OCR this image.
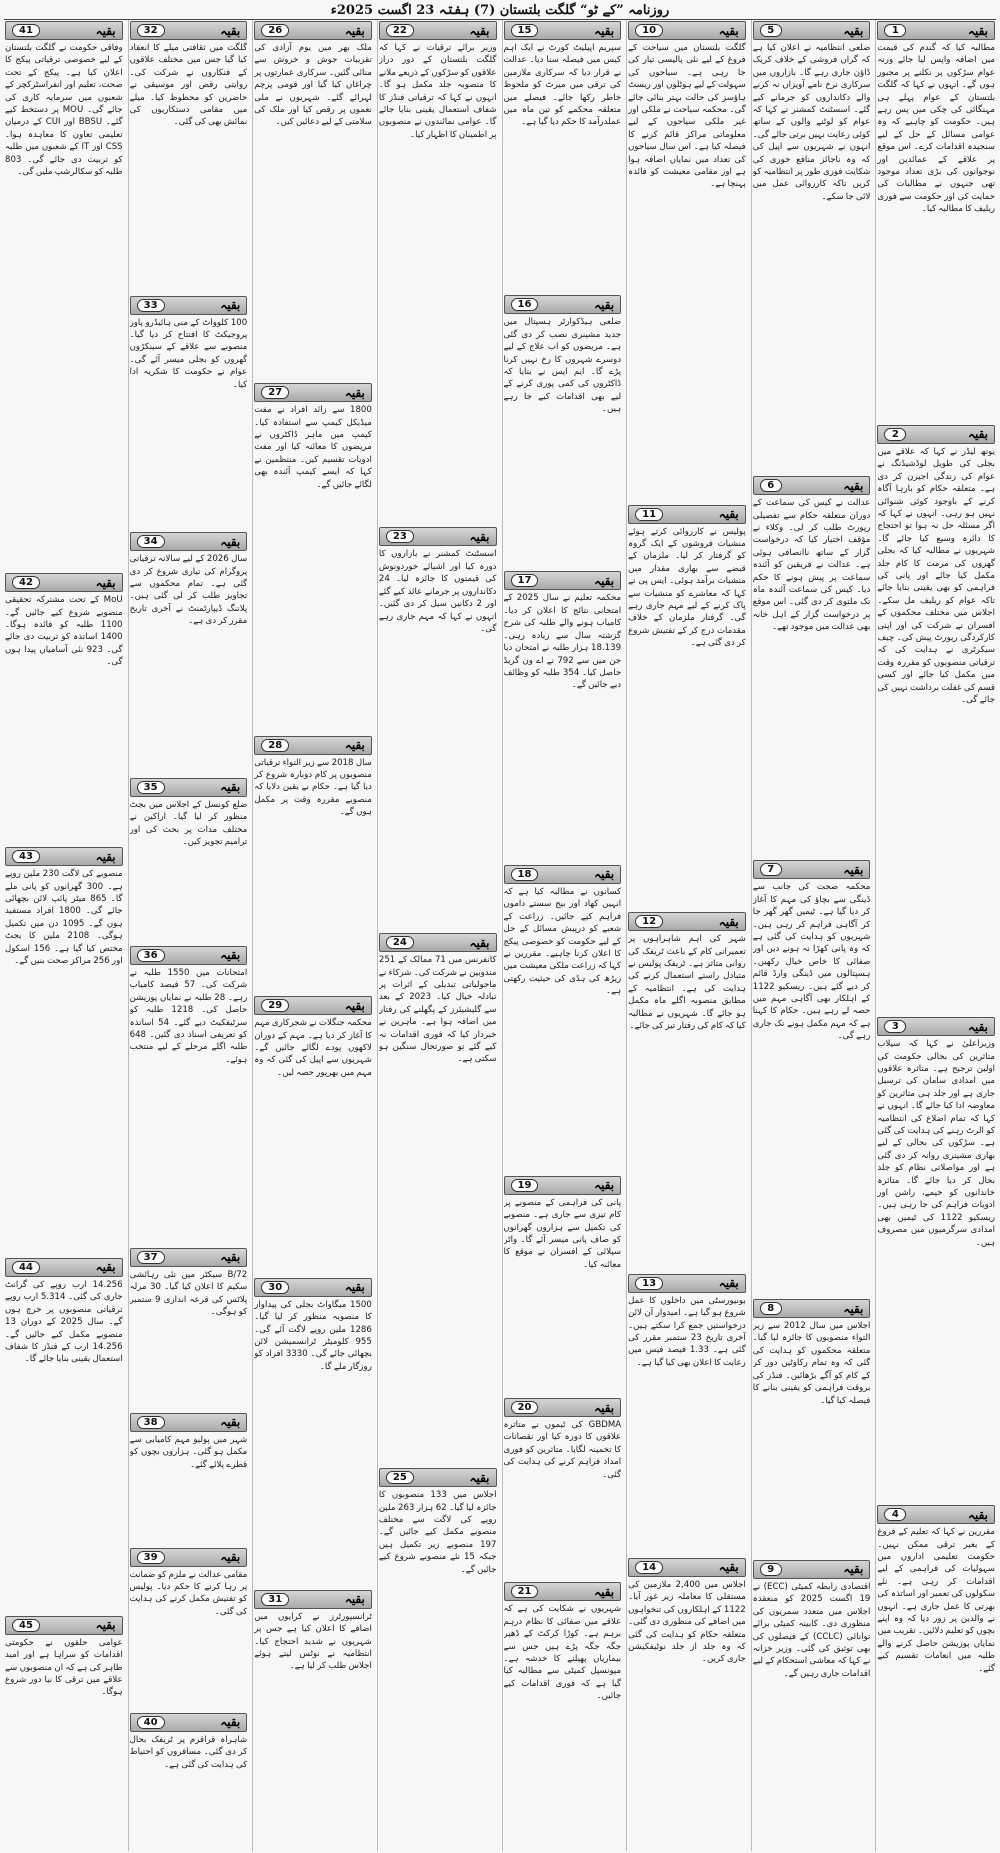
روزنامہ ”کے ٹو“ گلگت بلتستان (7) ہفتہ 23 اگست 2025ء
بقیہ
1
مطالبہ کیا کہ گندم کی قیمت میں اضافہ واپس لیا جائے ورنہ عوام سڑکوں پر نکلنے پر مجبور ہوں گے۔ انہوں نے کہا کہ گلگت بلتستان کے عوام پہلے ہی مہنگائی کی چکی میں پس رہے ہیں۔ حکومت کو چاہیے کہ وہ عوامی مسائل کے حل کے لیے سنجیدہ اقدامات کرے۔ اس موقع پر علاقے کے عمائدین اور نوجوانوں کی بڑی تعداد موجود تھی جنہوں نے مطالبات کی حمایت کی اور حکومت سے فوری ریلیف کا مطالبہ کیا۔
بقیہ
2
یوتھ لیڈر نے کہا کہ علاقے میں بجلی کی طویل لوڈشیڈنگ نے عوام کی زندگی اجیرن کر دی ہے۔ متعلقہ حکام کو بارہا آگاہ کرنے کے باوجود کوئی شنوائی نہیں ہو رہی۔ انہوں نے کہا کہ اگر مسئلہ حل نہ ہوا تو احتجاج کا دائرہ وسیع کیا جائے گا۔ شہریوں نے مطالبہ کیا کہ بجلی گھروں کی مرمت کا کام جلد مکمل کیا جائے اور پانی کی فراہمی کو بھی یقینی بنایا جائے تاکہ عوام کو ریلیف مل سکے۔ اجلاس میں مختلف محکموں کے افسران نے شرکت کی اور اپنی کارکردگی رپورٹ پیش کی۔ چیف سیکرٹری نے ہدایت کی کہ ترقیاتی منصوبوں کو مقررہ وقت میں مکمل کیا جائے اور کسی قسم کی غفلت برداشت نہیں کی جائے گی۔
بقیہ
3
وزیراعلیٰ نے کہا کہ سیلاب متاثرین کی بحالی حکومت کی اولین ترجیح ہے۔ متاثرہ علاقوں میں امدادی سامان کی ترسیل جاری ہے اور جلد ہی متاثرین کو معاوضہ ادا کیا جائے گا۔ انہوں نے کہا کہ تمام اضلاع کی انتظامیہ کو الرٹ رہنے کی ہدایت کی گئی ہے۔ سڑکوں کی بحالی کے لیے بھاری مشینری روانہ کر دی گئی ہے اور مواصلاتی نظام کو جلد بحال کر دیا جائے گا۔ متاثرہ خاندانوں کو خیمے، راشن اور ادویات فراہم کی جا رہی ہیں۔ ریسکیو 1122 کی ٹیمیں بھی امدادی سرگرمیوں میں مصروف ہیں۔
بقیہ
4
مقررین نے کہا کہ تعلیم کے فروغ کے بغیر ترقی ممکن نہیں۔ حکومت تعلیمی اداروں میں سہولیات کی فراہمی کے لیے اقدامات کر رہی ہے۔ نئے سکولوں کی تعمیر اور اساتذہ کی بھرتی کا عمل جاری ہے۔ انہوں نے والدین پر زور دیا کہ وہ اپنے بچوں کو تعلیم دلائیں۔ تقریب میں نمایاں پوزیشن حاصل کرنے والے طلبہ میں انعامات تقسیم کیے گئے۔
بقیہ
5
ضلعی انتظامیہ نے اعلان کیا ہے کہ گراں فروشی کے خلاف کریک ڈاؤن جاری رہے گا۔ بازاروں میں سرکاری نرخ نامے آویزاں نہ کرنے والے دکانداروں کو جرمانے کیے گئے۔ اسسٹنٹ کمشنر نے کہا کہ عوام کو لوٹنے والوں کے ساتھ کوئی رعایت نہیں برتی جائے گی۔ انہوں نے شہریوں سے اپیل کی کہ وہ ناجائز منافع خوری کی شکایت فوری طور پر انتظامیہ کو کریں تاکہ کارروائی عمل میں لائی جا سکے۔
بقیہ
6
عدالت نے کیس کی سماعت کے دوران متعلقہ حکام سے تفصیلی رپورٹ طلب کر لی۔ وکلاء نے مؤقف اختیار کیا کہ درخواست گزار کے ساتھ ناانصافی ہوئی ہے۔ عدالت نے فریقین کو آئندہ سماعت پر پیش ہونے کا حکم دیا۔ کیس کی سماعت آئندہ ماہ تک ملتوی کر دی گئی۔ اس موقع پر درخواست گزار کے اہل خانہ بھی عدالت میں موجود تھے۔
بقیہ
7
محکمہ صحت کی جانب سے ڈینگی سے بچاؤ کی مہم کا آغاز کر دیا گیا ہے۔ ٹیمیں گھر گھر جا کر آگاہی فراہم کر رہی ہیں۔ شہریوں کو ہدایت کی گئی ہے کہ وہ پانی کھڑا نہ ہونے دیں اور صفائی کا خاص خیال رکھیں۔ ہسپتالوں میں ڈینگی وارڈ قائم کر دیے گئے ہیں۔ ریسکیو 1122 کے اہلکار بھی آگاہی مہم میں حصہ لے رہے ہیں۔ حکام کا کہنا ہے کہ مہم مکمل ہونے تک جاری رہے گی۔
بقیہ
8
اجلاس میں سال 2012 سے زیر التواء منصوبوں کا جائزہ لیا گیا۔ متعلقہ محکموں کو ہدایت کی گئی کہ وہ تمام رکاوٹیں دور کر کے کام کو آگے بڑھائیں۔ فنڈز کی بروقت فراہمی کو یقینی بنانے کا فیصلہ کیا گیا۔
بقیہ
9
اقتصادی رابطہ کمیٹی (ECC) نے 19 اگست 2025 کو منعقدہ اجلاس میں متعدد سمریوں کی منظوری دی۔ کابینہ کمیٹی برائے توانائی (CCLC) کے فیصلوں کی بھی توثیق کی گئی۔ وزیر خزانہ نے کہا کہ معاشی استحکام کے لیے اقدامات جاری رہیں گے۔
بقیہ
10
گلگت بلتستان میں سیاحت کے فروغ کے لیے نئی پالیسی تیار کی جا رہی ہے۔ سیاحوں کی سہولت کے لیے ہوٹلوں اور ریسٹ ہاؤسز کی حالت بہتر بنائی جائے گی۔ محکمہ سیاحت نے ملکی اور غیر ملکی سیاحوں کے لیے معلوماتی مراکز قائم کرنے کا فیصلہ کیا ہے۔ اس سال سیاحوں کی تعداد میں نمایاں اضافہ ہوا ہے اور مقامی معیشت کو فائدہ پہنچا ہے۔
بقیہ
11
پولیس نے کارروائی کرتے ہوئے منشیات فروشوں کے ایک گروہ کو گرفتار کر لیا۔ ملزمان کے قبضے سے بھاری مقدار میں منشیات برآمد ہوئی۔ ایس پی نے کہا کہ معاشرے کو منشیات سے پاک کرنے کے لیے مہم جاری رہے گی۔ گرفتار ملزمان کے خلاف مقدمات درج کر کے تفتیش شروع کر دی گئی ہے۔
بقیہ
12
شہر کی اہم شاہراہوں پر تعمیراتی کام کے باعث ٹریفک کی روانی متاثر ہے۔ ٹریفک پولیس نے متبادل راستے استعمال کرنے کی ہدایت کی ہے۔ انتظامیہ کے مطابق منصوبہ اگلے ماہ مکمل ہو جائے گا۔ شہریوں نے مطالبہ کیا کہ کام کی رفتار تیز کی جائے۔
بقیہ
13
یونیورسٹی میں داخلوں کا عمل شروع ہو گیا ہے۔ امیدوار آن لائن درخواستیں جمع کرا سکتے ہیں۔ آخری تاریخ 23 ستمبر مقرر کی گئی ہے۔ 1.33 فیصد فیس میں رعایت کا اعلان بھی کیا گیا ہے۔
بقیہ
14
اجلاس میں 2,400 ملازمین کی مستقلی کا معاملہ زیر غور آیا۔ 1122 کے اہلکاروں کی تنخواہوں میں اضافے کی منظوری دی گئی۔ متعلقہ حکام کو ہدایت کی گئی کہ وہ جلد از جلد نوٹیفکیشن جاری کریں۔
بقیہ
15
سپریم اپیلیٹ کورٹ نے ایک اہم کیس میں فیصلہ سنا دیا۔ عدالت نے قرار دیا کہ سرکاری ملازمین کی ترقی میں میرٹ کو ملحوظ خاطر رکھا جائے۔ فیصلے میں متعلقہ محکمے کو تین ماہ میں عملدرآمد کا حکم دیا گیا ہے۔
بقیہ
16
ضلعی ہیڈکوارٹر ہسپتال میں جدید مشینری نصب کر دی گئی ہے۔ مریضوں کو اب علاج کے لیے دوسرے شہروں کا رخ نہیں کرنا پڑے گا۔ ایم ایس نے بتایا کہ ڈاکٹروں کی کمی پوری کرنے کے لیے بھی اقدامات کیے جا رہے ہیں۔
بقیہ
17
محکمہ تعلیم نے سال 2025 کے امتحانی نتائج کا اعلان کر دیا۔ کامیاب ہونے والے طلبہ کی شرح گزشتہ سال سے زیادہ رہی۔ 18.139 ہزار طلبہ نے امتحان دیا جن میں سے 792 نے اے ون گریڈ حاصل کیا۔ 354 طلبہ کو وظائف دیے جائیں گے۔
بقیہ
18
کسانوں نے مطالبہ کیا ہے کہ انہیں کھاد اور بیج سستے داموں فراہم کیے جائیں۔ زراعت کے شعبے کو درپیش مسائل کے حل کے لیے حکومت کو خصوصی پیکج کا اعلان کرنا چاہیے۔ مقررین نے کہا کہ زراعت ملکی معیشت میں ریڑھ کی ہڈی کی حیثیت رکھتی ہے۔
بقیہ
19
پانی کی فراہمی کے منصوبے پر کام تیزی سے جاری ہے۔ منصوبے کی تکمیل سے ہزاروں گھرانوں کو صاف پانی میسر آئے گا۔ واٹر سپلائی کے افسران نے موقع کا معائنہ کیا۔
بقیہ
20
GBDMA کی ٹیموں نے متاثرہ علاقوں کا دورہ کیا اور نقصانات کا تخمینہ لگایا۔ متاثرین کو فوری امداد فراہم کرنے کی ہدایت کی گئی۔
بقیہ
21
شہریوں نے شکایت کی ہے کہ علاقے میں صفائی کا نظام درہم برہم ہے۔ کوڑا کرکٹ کے ڈھیر جگہ جگہ پڑے ہیں جس سے بیماریاں پھیلنے کا خدشہ ہے۔ میونسپل کمیٹی سے مطالبہ کیا گیا ہے کہ فوری اقدامات کیے جائیں۔
بقیہ
22
وزیر برائے ترقیات نے کہا کہ گلگت بلتستان کے دور دراز علاقوں کو سڑکوں کے ذریعے ملانے کا منصوبہ جلد مکمل ہو گا۔ انہوں نے کہا کہ ترقیاتی فنڈز کا شفاف استعمال یقینی بنایا جائے گا۔ عوامی نمائندوں نے منصوبوں پر اطمینان کا اظہار کیا۔
بقیہ
23
اسسٹنٹ کمشنر نے بازاروں کا دورہ کیا اور اشیائے خوردونوش کی قیمتوں کا جائزہ لیا۔ 24 دکانداروں پر جرمانے عائد کیے گئے اور 2 دکانیں سیل کر دی گئیں۔ انہوں نے کہا کہ مہم جاری رہے گی۔
بقیہ
24
کانفرنس میں 71 ممالک کے 251 مندوبین نے شرکت کی۔ شرکاء نے ماحولیاتی تبدیلی کے اثرات پر تبادلہ خیال کیا۔ 2023 کے بعد سے گلیشیئرز کے پگھلنے کی رفتار میں اضافہ ہوا ہے۔ ماہرین نے خبردار کیا کہ فوری اقدامات نہ کیے گئے تو صورتحال سنگین ہو سکتی ہے۔
بقیہ
25
اجلاس میں 133 منصوبوں کا جائزہ لیا گیا۔ 62 ہزار 263 ملین روپے کی لاگت سے مختلف منصوبے مکمل کیے جائیں گے۔ 197 منصوبے زیر تکمیل ہیں جبکہ 15 نئے منصوبے شروع کیے جائیں گے۔
بقیہ
26
ملک بھر میں یوم آزادی کی تقریبات جوش و خروش سے منائی گئیں۔ سرکاری عمارتوں پر چراغاں کیا گیا اور قومی پرچم لہرائے گئے۔ شہریوں نے ملی نغموں پر رقص کیا اور ملک کی سلامتی کے لیے دعائیں کیں۔
بقیہ
27
1800 سے زائد افراد نے مفت میڈیکل کیمپ سے استفادہ کیا۔ کیمپ میں ماہر ڈاکٹروں نے مریضوں کا معائنہ کیا اور مفت ادویات تقسیم کیں۔ منتظمین نے کہا کہ ایسے کیمپ آئندہ بھی لگائے جائیں گے۔
بقیہ
28
سال 2018 سے زیر التواء ترقیاتی منصوبوں پر کام دوبارہ شروع کر دیا گیا ہے۔ حکام نے یقین دلایا کہ منصوبے مقررہ وقت پر مکمل ہوں گے۔
بقیہ
29
محکمہ جنگلات نے شجرکاری مہم کا آغاز کر دیا ہے۔ مہم کے دوران لاکھوں پودے لگائے جائیں گے۔ شہریوں سے اپیل کی گئی کہ وہ مہم میں بھرپور حصہ لیں۔
بقیہ
30
1500 میگاواٹ بجلی کی پیداوار کا منصوبہ منظور کر لیا گیا۔ 1286 ملین روپے لاگت آئے گی۔ 955 کلومیٹر ٹرانسمیشن لائن بچھائی جائے گی۔ 3330 افراد کو روزگار ملے گا۔
بقیہ
31
ٹرانسپورٹرز نے کرایوں میں اضافے کا اعلان کیا ہے جس پر شہریوں نے شدید احتجاج کیا۔ انتظامیہ نے نوٹس لیتے ہوئے اجلاس طلب کر لیا ہے۔
بقیہ
32
گلگت میں ثقافتی میلے کا انعقاد کیا گیا جس میں مختلف علاقوں کے فنکاروں نے شرکت کی۔ روایتی رقص اور موسیقی نے حاضرین کو محظوظ کیا۔ میلے میں مقامی دستکاریوں کی نمائش بھی کی گئی۔
بقیہ
33
100 کلوواٹ کے منی ہائیڈرو پاور پروجیکٹ کا افتتاح کر دیا گیا۔ منصوبے سے علاقے کے سینکڑوں گھروں کو بجلی میسر آئے گی۔ عوام نے حکومت کا شکریہ ادا کیا۔
بقیہ
34
سال 2026 کے لیے سالانہ ترقیاتی پروگرام کی تیاری شروع کر دی گئی ہے۔ تمام محکموں سے تجاویز طلب کر لی گئی ہیں۔ پلاننگ ڈیپارٹمنٹ نے آخری تاریخ مقرر کر دی ہے۔
بقیہ
35
ضلع کونسل کے اجلاس میں بجٹ منظور کر لیا گیا۔ اراکین نے مختلف مدات پر بحث کی اور ترامیم تجویز کیں۔
بقیہ
36
امتحانات میں 1550 طلبہ نے شرکت کی۔ 57 فیصد کامیاب رہے۔ 28 طلبہ نے نمایاں پوزیشن حاصل کی۔ 1218 طلبہ کو سرٹیفکیٹ دیے گئے۔ 54 اساتذہ کو تعریفی اسناد دی گئیں۔ 648 طلبہ اگلے مرحلے کے لیے منتخب ہوئے۔
بقیہ
37
B/72 سیکٹر میں نئی رہائشی سکیم کا اعلان کیا گیا۔ 30 مرلہ پلاٹس کی قرعہ اندازی 9 ستمبر کو ہوگی۔
بقیہ
38
شہر میں پولیو مہم کامیابی سے مکمل ہو گئی۔ ہزاروں بچوں کو قطرے پلائے گئے۔
بقیہ
39
مقامی عدالت نے ملزم کو ضمانت پر رہا کرنے کا حکم دیا۔ پولیس کو تفتیش مکمل کرنے کی ہدایت کی گئی۔
بقیہ
40
شاہراہ قراقرم پر ٹریفک بحال کر دی گئی۔ مسافروں کو احتیاط کی ہدایت کی گئی ہے۔
بقیہ
41
وفاقی حکومت نے گلگت بلتستان کے لیے خصوصی ترقیاتی پیکج کا اعلان کیا ہے۔ پیکج کے تحت صحت، تعلیم اور انفراسٹرکچر کے شعبوں میں سرمایہ کاری کی جائے گی۔ MOU پر دستخط کیے گئے۔ BBSU اور CUI کے درمیان تعلیمی تعاون کا معاہدہ ہوا۔ CSS اور IT کے شعبوں میں طلبہ کو تربیت دی جائے گی۔ 803 طلبہ کو سکالرشپ ملیں گی۔
بقیہ
42
MoU کے تحت مشترکہ تحقیقی منصوبے شروع کیے جائیں گے۔ 1100 طلبہ کو فائدہ ہوگا۔ 1400 اساتذہ کو تربیت دی جائے گی۔ 923 نئی آسامیاں پیدا ہوں گی۔
بقیہ
43
منصوبے کی لاگت 230 ملین روپے ہے۔ 300 گھرانوں کو پانی ملے گا۔ 865 میٹر پائپ لائن بچھائی جائے گی۔ 1800 افراد مستفید ہوں گے۔ 1095 دن میں تکمیل ہوگی۔ 2108 ملین کا بجٹ مختص کیا گیا ہے۔ 156 اسکول اور 256 مراکز صحت بنیں گے۔
بقیہ
44
14.256 ارب روپے کی گرانٹ جاری کی گئی۔ 5.314 ارب روپے ترقیاتی منصوبوں پر خرچ ہوں گے۔ سال 2025 کے دوران 13 منصوبے مکمل کیے جائیں گے۔ 14.256 ارب کے فنڈز کا شفاف استعمال یقینی بنایا جائے گا۔
بقیہ
45
عوامی حلقوں نے حکومتی اقدامات کو سراہا ہے اور امید ظاہر کی ہے کہ ان منصوبوں سے علاقے میں ترقی کا نیا دور شروع ہوگا۔
